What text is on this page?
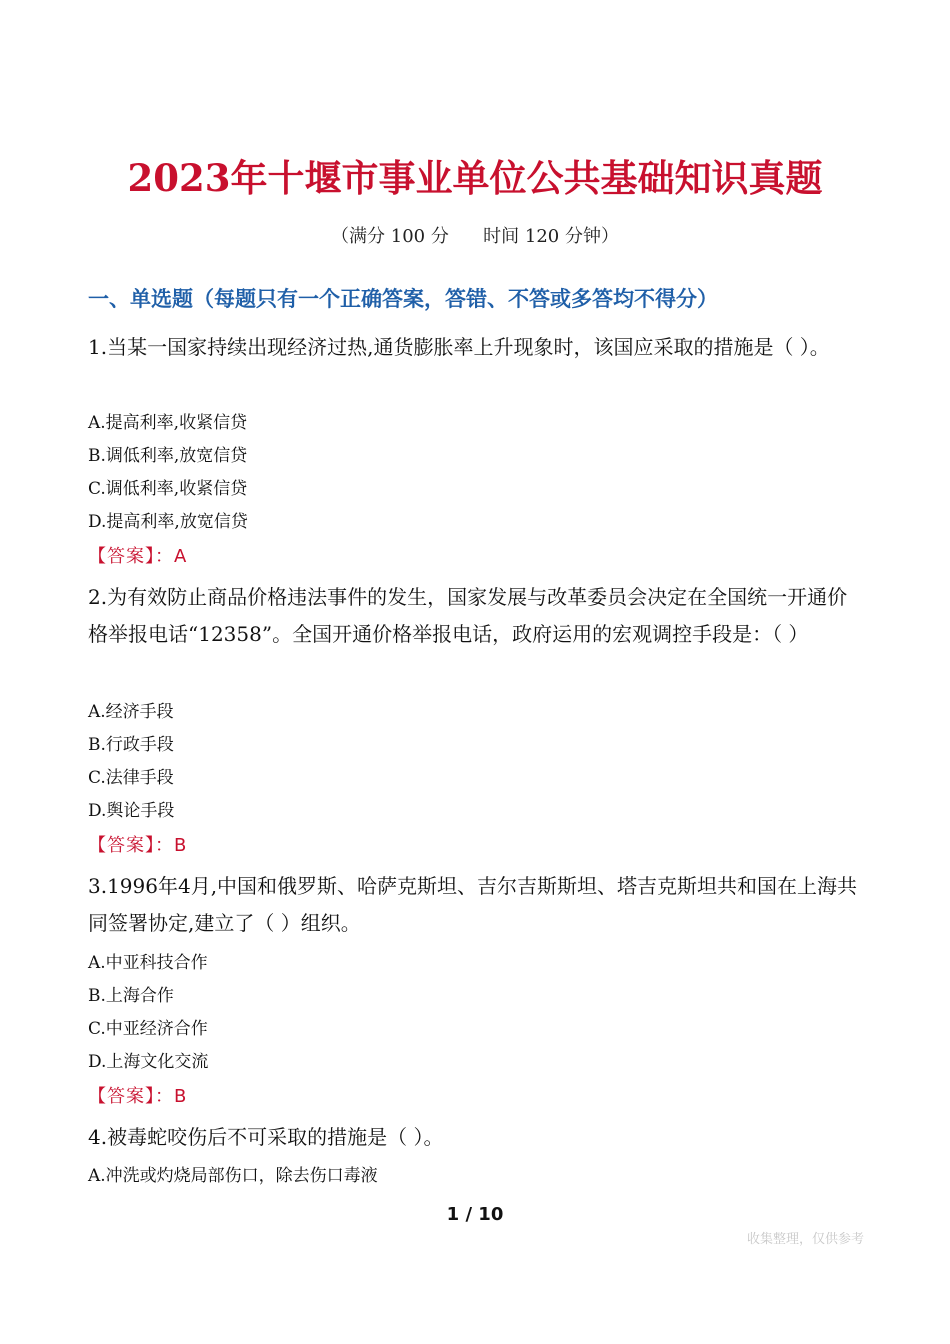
2023年十堰市事业单位公共基础知识真题
（满分 100 分      时间 120 分钟）
一、单选题（每题只有一个正确答案，答错、不答或多答均不得分）
1.当某一国家持续出现经济过热,通货膨胀率上升现象时，该国应采取的措施是（ ）。
A.提高利率,收紧信贷
B.调低利率,放宽信贷
C.调低利率,收紧信贷
D.提高利率,放宽信贷
【答案】：A
2.为有效防止商品价格违法事件的发生，国家发展与改革委员会决定在全国统一开通价格举报电话“12358”。全国开通价格举报电话，政府运用的宏观调控手段是：（ ）
A.经济手段
B.行政手段
C.法律手段
D.舆论手段
【答案】：B
3.1996年4月,中国和俄罗斯、哈萨克斯坦、吉尔吉斯斯坦、塔吉克斯坦共和国在上海共同签署协定,建立了（ ）组织。
A.中亚科技合作
B.上海合作
C.中亚经济合作
D.上海文化交流
【答案】：B
4.被毒蛇咬伤后不可采取的措施是（ ）。
A.冲洗或灼烧局部伤口，除去伤口毒液
1 / 10
收集整理，仅供参考
